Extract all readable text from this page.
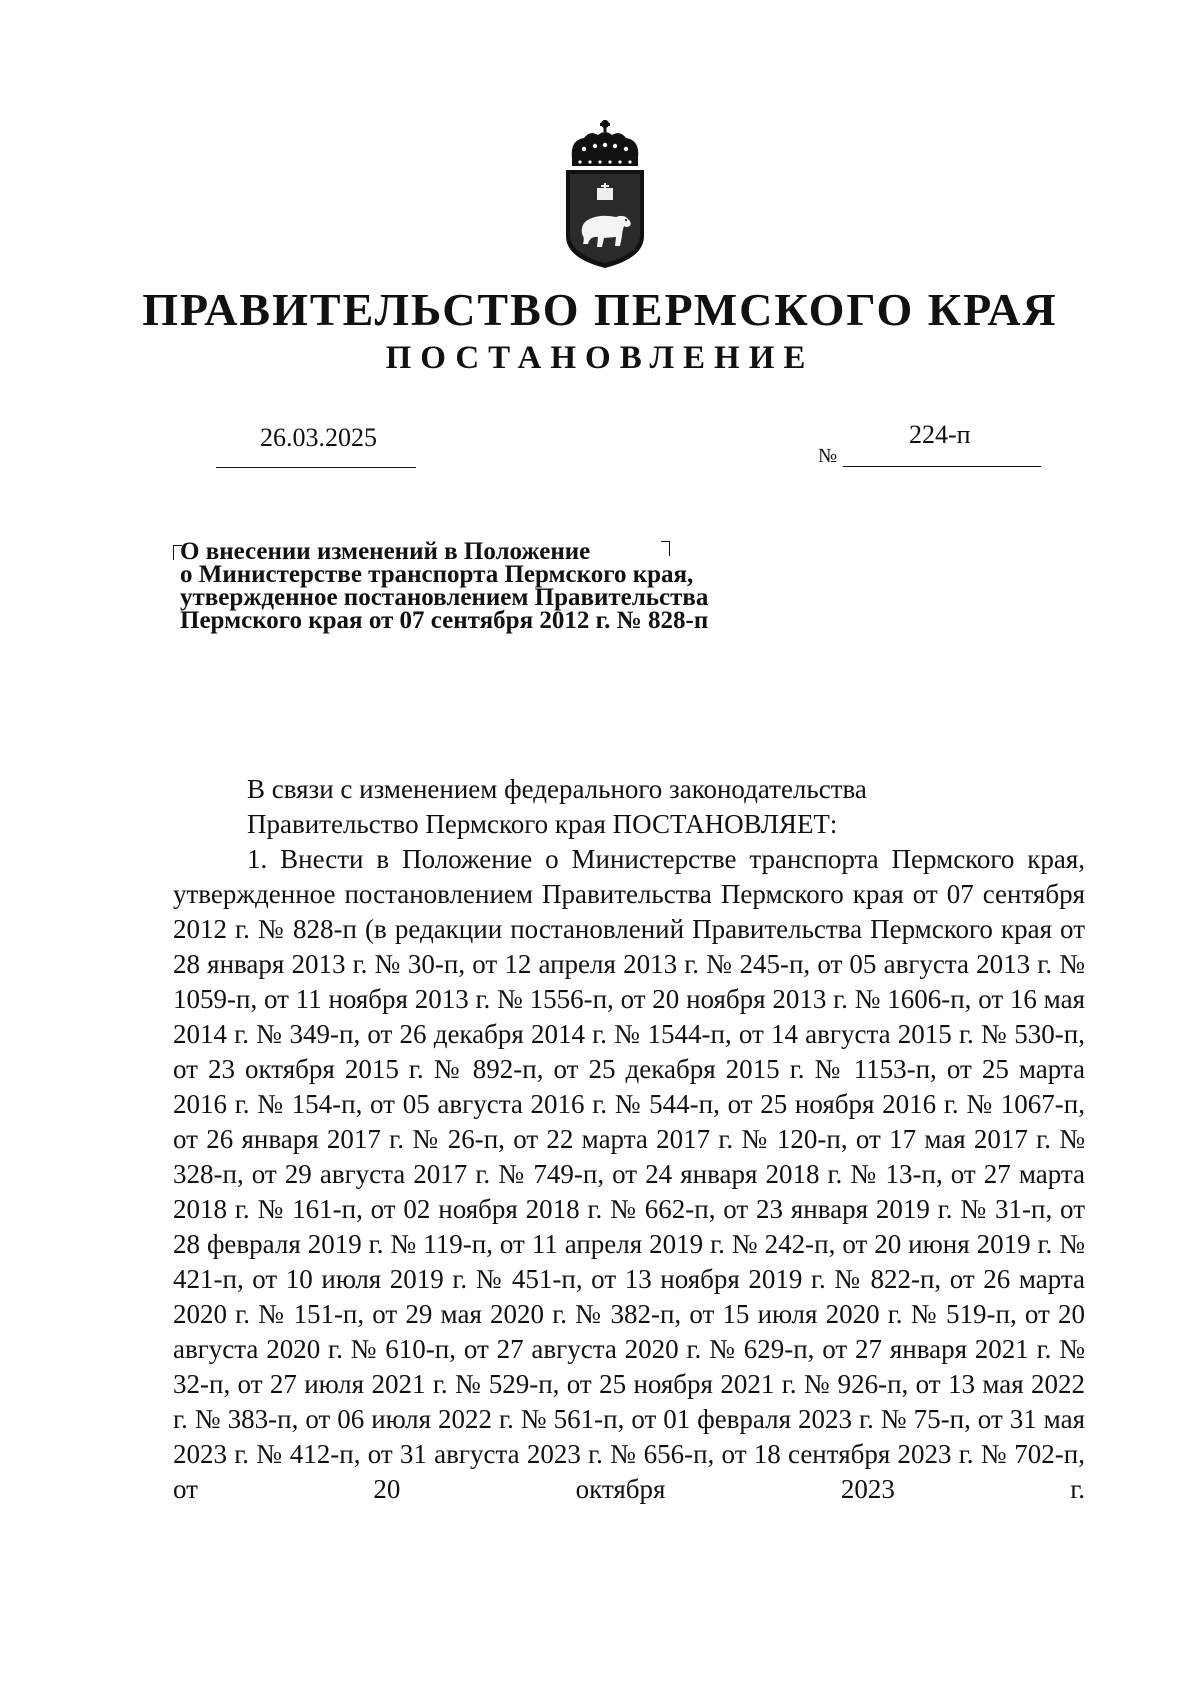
ПРАВИТЕЛЬСТВО ПЕРМСКОГО КРАЯ
ПОСТАНОВЛЕНИЕ
26.03.2025
№
224-п
О внесении изменений в Положение
о Министерстве транспорта Пермского края,
утвержденное постановлением Правительства
Пермского края от 07 сентября 2012 г. № 828-п

В связи с изменением федерального законодательства

Правительство Пермского края ПОСТАНОВЛЯЕТ:

1. Внести в Положение о Министерстве транспорта Пермского края, утвержденное постановлением Правительства Пермского края от 07 сентября 2012 г. № 828-п (в редакции постановлений Правительства Пермского края от 28 января 2013 г. № 30-п, от 12 апреля 2013 г. № 245-п, от 05 августа 2013 г. № 1059-п, от 11 ноября 2013 г. № 1556-п, от 20 ноября 2013 г. № 1606-п, от 16 мая 2014 г. № 349-п, от 26 декабря 2014 г. № 1544-п, от 14 августа 2015 г. № 530-п, от 23 октября 2015 г. № 892-п, от 25 декабря 2015 г. № 1153-п, от 25 марта 2016 г. № 154-п, от 05 августа 2016 г. № 544-п, от 25 ноября 2016 г. № 1067-п, от 26 января 2017 г. № 26-п, от 22 марта 2017 г. № 120-п, от 17 мая 2017 г. № 328-п, от 29 августа 2017 г. № 749-п, от 24 января 2018 г. № 13-п, от 27 марта 2018 г. № 161-п, от 02 ноября 2018 г. № 662-п, от 23 января 2019 г. № 31-п, от 28 февраля 2019 г. № 119-п, от 11 апреля 2019 г. № 242-п, от 20 июня 2019 г. № 421-п, от 10 июля 2019 г. № 451-п, от 13 ноября 2019 г. № 822-п, от 26 марта 2020 г. № 151-п, от 29 мая 2020 г. № 382-п, от 15 июля 2020 г. № 519-п, от 20 августа 2020 г. № 610-п, от 27 августа 2020 г. № 629-п, от 27 января 2021 г. № 32-п, от 27 июля 2021 г. № 529-п, от 25 ноября 2021 г. № 926-п, от 13 мая 2022 г. № 383-п, от 06 июля 2022 г. № 561-п, от 01 февраля 2023 г. № 75-п, от 31 мая 2023 г. № 412-п, от 31 августа 2023 г. № 656-п, от 18 сентября 2023 г. № 702-п, от 20 октября 2023 г.
